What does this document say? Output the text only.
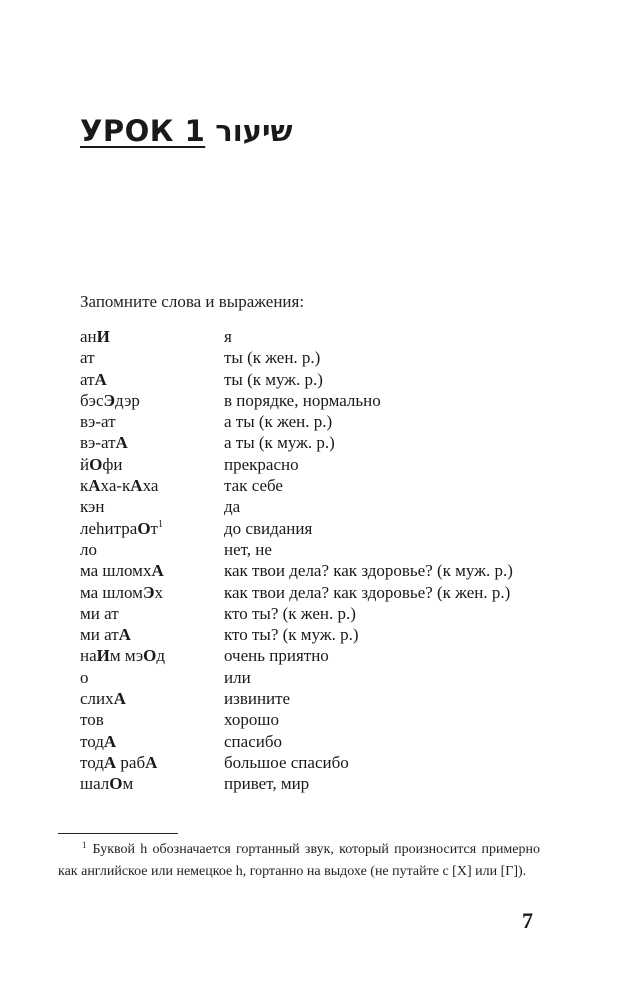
УРОК 1 שיעור
Запомните слова и выражения:
анИ	я
ат	ты (к жен. р.)
атА	ты (к муж. р.)
бэсЭдэр	в порядке, нормально
вэ-ат	а ты (к жен. р.)
вэ-атА	а ты (к муж. р.)
йОфи	прекрасно
кАха-кАха	так себе
кэн	да
леhитраОт$^1$	до свидания
ло	нет, не
ма шломхА	как твои дела? как здоровье? (к муж. р.)
ма шломЭх	как твои дела? как здоровье? (к жен. р.)
ми ат	кто ты? (к жен. р.)
ми атА	кто ты? (к муж. р.)
наИм мэОд	очень приятно
о	или
слихА	извините
тов	хорошо
тодА	спасибо
тодА рабА	большое спасибо
шалОм	привет, мир
$^1$ Буквой h обозначается гортанный звук, который произносится примерно как английское или немецкое h, гортанно на выдохе (не путайте с [Х] или [Г]).
7
